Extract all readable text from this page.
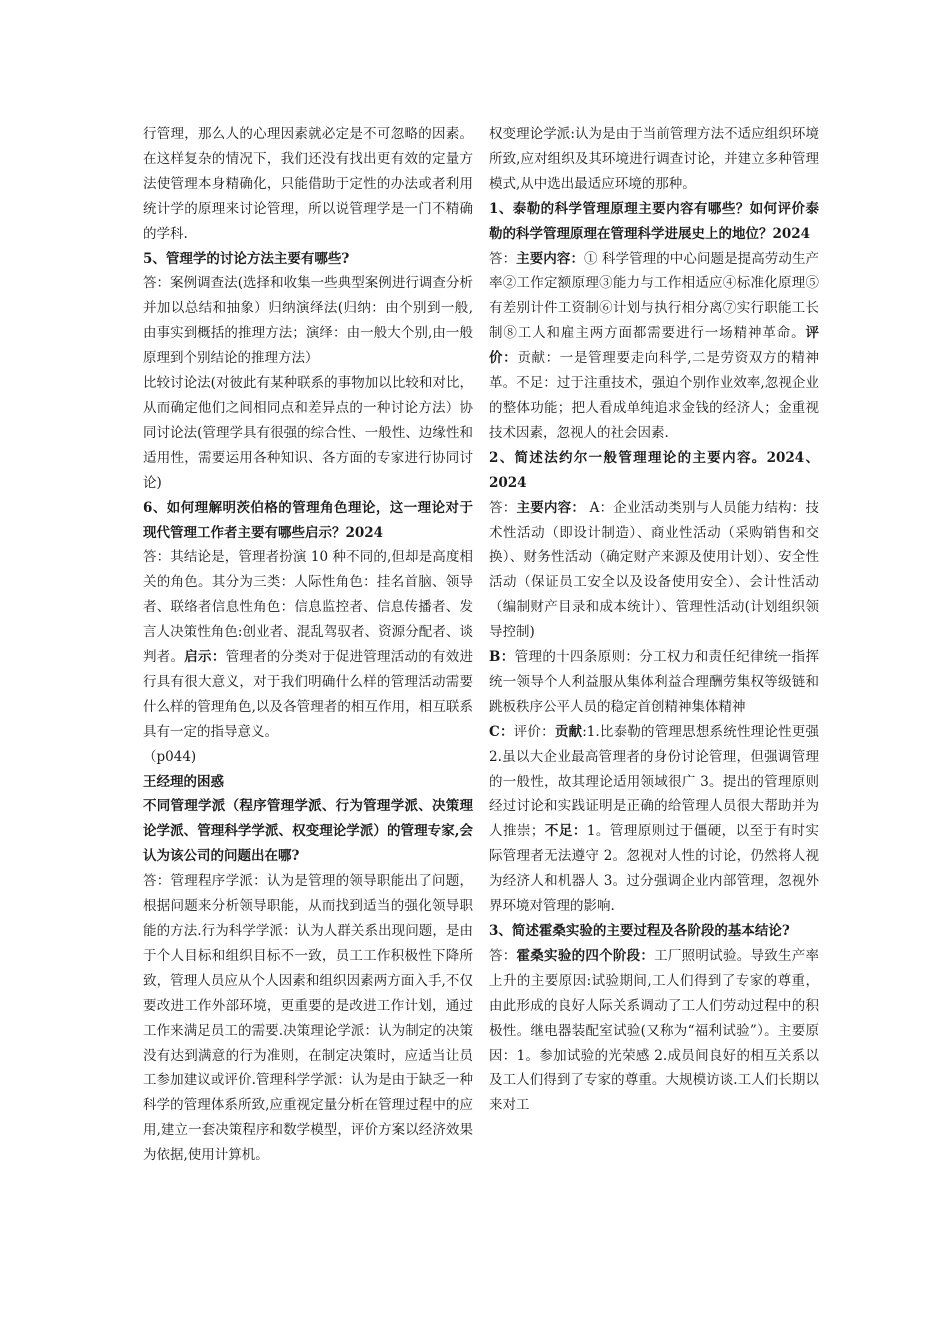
行管理，那么人的心理因素就必定是不可忽略的因素。在这样复杂的情况下，我们还没有找出更有效的定量方法使管理本身精确化，只能借助于定性的办法或者利用统计学的原理来讨论管理，所以说管理学是一门不精确的学科.

5、管理学的讨论方法主要有哪些?

答：案例调查法(选择和收集一些典型案例进行调查分析并加以总结和抽象）归纳演绎法(归纳：由个别到一般,由事实到概括的推理方法；演绎：由一般大个别,由一般原理到个别结论的推理方法）

比较讨论法(对彼此有某种联系的事物加以比较和对比，从而确定他们之间相同点和差异点的一种讨论方法）协同讨论法(管理学具有很强的综合性、一般性、边缘性和适用性，需要运用各种知识、各方面的专家进行协同讨论)

6、如何理解明茨伯格的管理角色理论，这一理论对于现代管理工作者主要有哪些启示？2024

答：其结论是，管理者扮演 10 种不同的,但却是高度相关的角色。其分为三类：人际性角色：挂名首脑、领导者、联络者信息性角色：信息监控者、信息传播者、发言人决策性角色:创业者、混乱驾驭者、资源分配者、谈判者。启示：管理者的分类对于促进管理活动的有效进行具有很大意义，对于我们明确什么样的管理活动需要什么样的管理角色,以及各管理者的相互作用，相互联系具有一定的指导意义。

（p044)

王经理的困惑

不同管理学派（程序管理学派、行为管理学派、决策理论学派、管理科学学派、权变理论学派）的管理专家,会认为该公司的问题出在哪?

答：管理程序学派：认为是管理的领导职能出了问题，根据问题来分析领导职能，从而找到适当的强化领导职能的方法.行为科学学派：认为人群关系出现问题，是由于个人目标和组织目标不一致，员工工作积极性下降所致，管理人员应从个人因素和组织因素两方面入手,不仅要改进工作外部环境，更重要的是改进工作计划，通过工作来满足员工的需要.决策理论学派：认为制定的决策没有达到满意的行为准则，在制定决策时，应适当让员工参加建议或评价.管理科学学派：认为是由于缺乏一种科学的管理体系所致,应重视定量分析在管理过程中的应用,建立一套决策程序和数学模型，评价方案以经济效果为依据,使用计算机。

权变理论学派:认为是由于当前管理方法不适应组织环境所致,应对组织及其环境进行调查讨论，并建立多种管理模式,从中选出最适应环境的那种。

1、泰勒的科学管理原理主要内容有哪些？如何评价泰勒的科学管理原理在管理科学进展史上的地位？2024

答：主要内容：① 科学管理的中心问题是提高劳动生产率②工作定额原理③能力与工作相适应④标准化原理⑤有差别计件工资制⑥计划与执行相分离⑦实行职能工长制⑧工人和雇主两方面都需要进行一场精神革命。评价：贡献：一是管理要走向科学,二是劳资双方的精神革。不足：过于注重技术，强迫个别作业效率,忽视企业的整体功能；把人看成单纯追求金钱的经济人；金重视技术因素，忽视人的社会因素.

2、简述法约尔一般管理理论的主要内容。2024、2024

答：主要内容： A：企业活动类别与人员能力结构：技术性活动（即设计制造）、商业性活动（采购销售和交换）、财务性活动（确定财产来源及使用计划）、安全性活动（保证员工安全以及设备使用安全）、会计性活动（编制财产目录和成本统计）、管理性活动(计划组织领导控制)

B：管理的十四条原则：分工权力和责任纪律统一指挥统一领导个人利益服从集体利益合理酬劳集权等级链和跳板秩序公平人员的稳定首创精神集体精神

C：评价：贡献:1.比泰勒的管理思想系统性理论性更强 2.虽以大企业最高管理者的身份讨论管理，但强调管理的一般性，故其理论适用领域很广 3。提出的管理原则经过讨论和实践证明是正确的给管理人员很大帮助并为人推崇；不足：1。管理原则过于僵硬，以至于有时实际管理者无法遵守 2。忽视对人性的讨论，仍然将人视为经济人和机器人 3。过分强调企业内部管理，忽视外界环境对管理的影响.

3、简述霍桑实验的主要过程及各阶段的基本结论?

答：霍桑实验的四个阶段：工厂照明试验。导致生产率上升的主要原因:试验期间,工人们得到了专家的尊重，由此形成的良好人际关系调动了工人们劳动过程中的积极性。继电器装配室试验(又称为“福利试验”）。主要原因：1。参加试验的光荣感 2.成员间良好的相互关系以及工人们得到了专家的尊重。大规模访谈.工人们长期以来对工
